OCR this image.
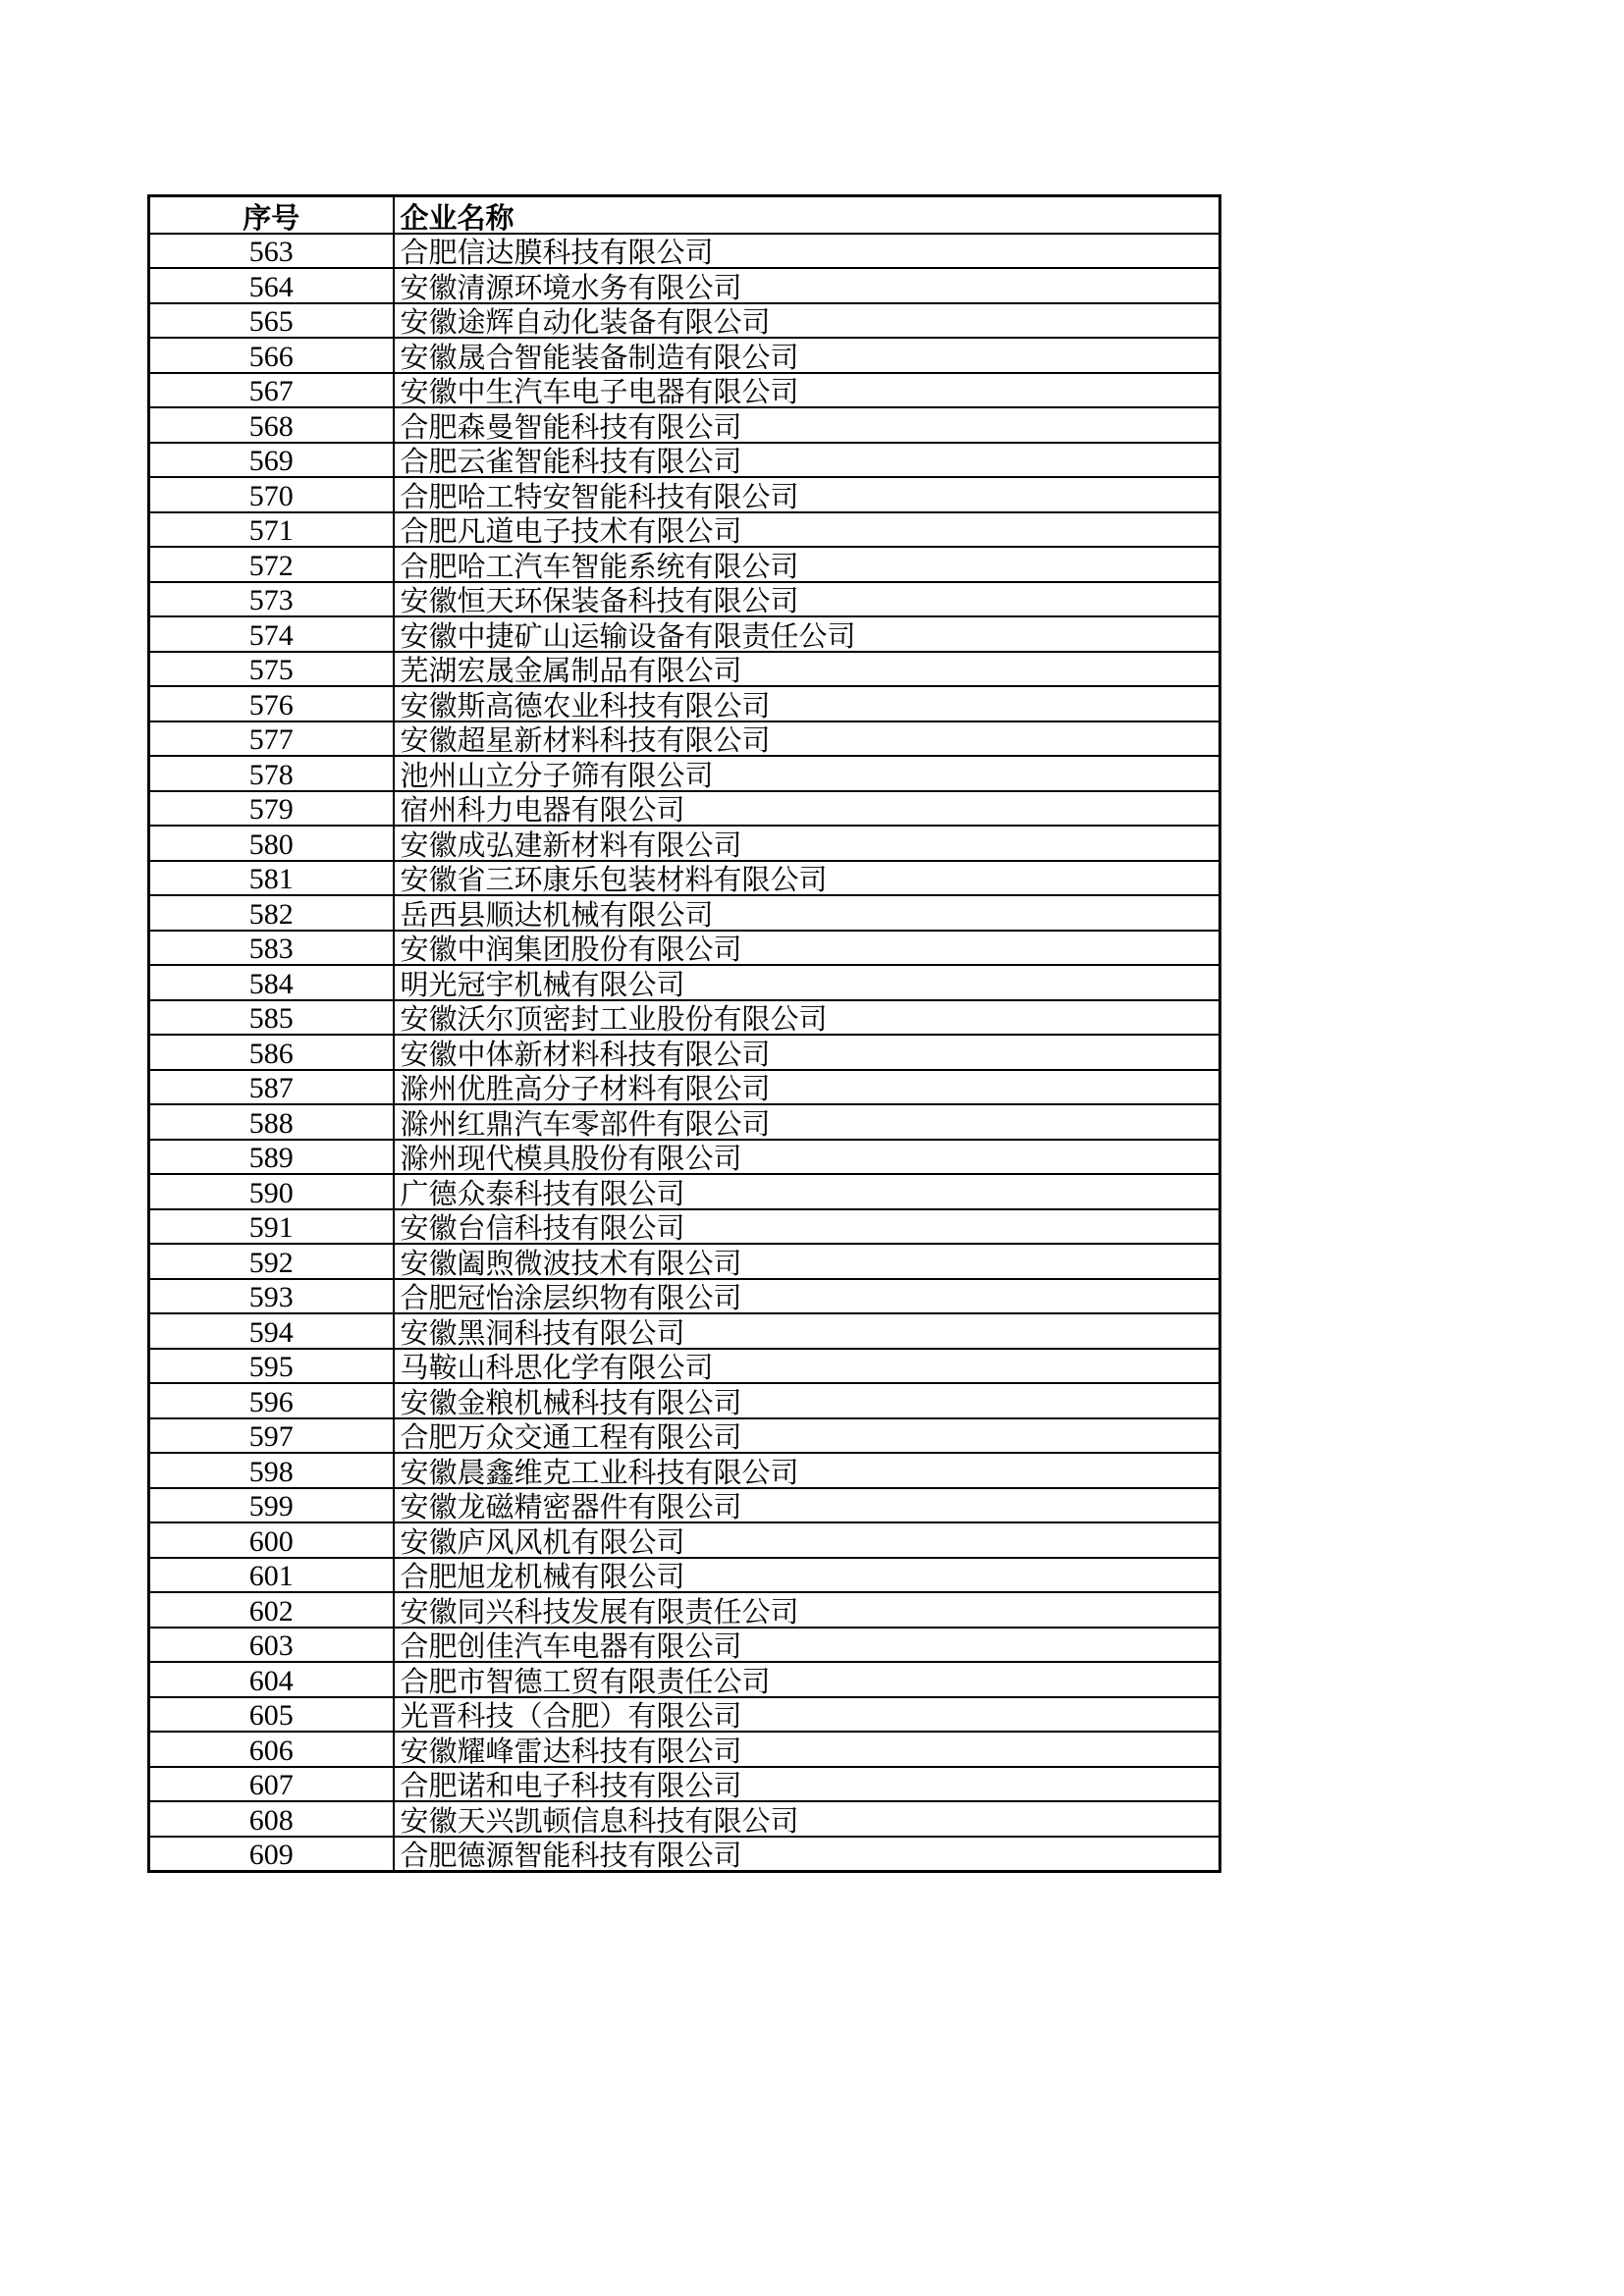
序号	企业名称
563	合肥信达膜科技有限公司
564	安徽清源环境水务有限公司
565	安徽途辉自动化装备有限公司
566	安徽晟合智能装备制造有限公司
567	安徽中生汽车电子电器有限公司
568	合肥森曼智能科技有限公司
569	合肥云雀智能科技有限公司
570	合肥哈工特安智能科技有限公司
571	合肥凡道电子技术有限公司
572	合肥哈工汽车智能系统有限公司
573	安徽恒天环保装备科技有限公司
574	安徽中捷矿山运输设备有限责任公司
575	芜湖宏晟金属制品有限公司
576	安徽斯高德农业科技有限公司
577	安徽超星新材料科技有限公司
578	池州山立分子筛有限公司
579	宿州科力电器有限公司
580	安徽成弘建新材料有限公司
581	安徽省三环康乐包装材料有限公司
582	岳西县顺达机械有限公司
583	安徽中润集团股份有限公司
584	明光冠宇机械有限公司
585	安徽沃尔顶密封工业股份有限公司
586	安徽中体新材料科技有限公司
587	滁州优胜高分子材料有限公司
588	滁州红鼎汽车零部件有限公司
589	滁州现代模具股份有限公司
590	广德众泰科技有限公司
591	安徽台信科技有限公司
592	安徽阖煦微波技术有限公司
593	合肥冠怡涂层织物有限公司
594	安徽黑洞科技有限公司
595	马鞍山科思化学有限公司
596	安徽金粮机械科技有限公司
597	合肥万众交通工程有限公司
598	安徽晨鑫维克工业科技有限公司
599	安徽龙磁精密器件有限公司
600	安徽庐风风机有限公司
601	合肥旭龙机械有限公司
602	安徽同兴科技发展有限责任公司
603	合肥创佳汽车电器有限公司
604	合肥市智德工贸有限责任公司
605	光晋科技（合肥）有限公司
606	安徽耀峰雷达科技有限公司
607	合肥诺和电子科技有限公司
608	安徽天兴凯顿信息科技有限公司
609	合肥德源智能科技有限公司
